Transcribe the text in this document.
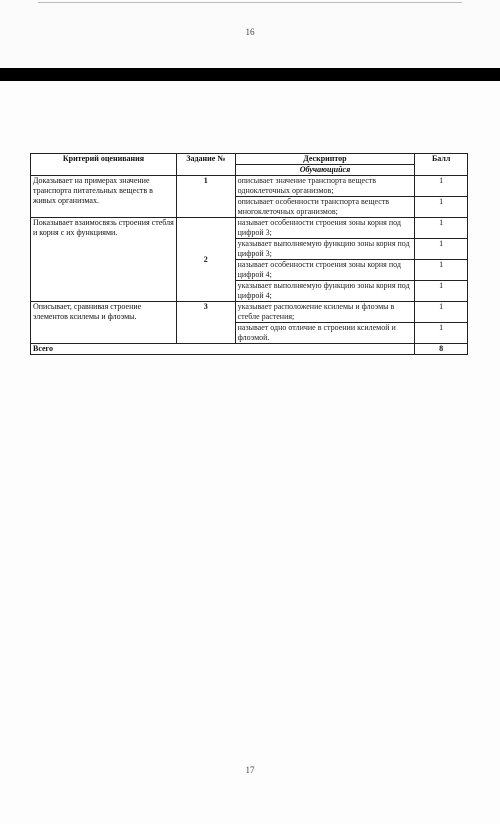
16
Критерий оценивания	Задание №	Дескриптор	Балл
		Обучающийся	
Доказывает на примерах значение транспорта питательных веществ в живых организмах.	1	описывает значение транспорта веществ одноклеточных организмов;	1
		описывает особенности транспорта веществ многоклеточных организмов;	1
Показывает взаимосвязь строения стебля и корня с их функциями.	2	называет особенности строения зоны корня под цифрой 3;	1
		указывает выполняемую функцию зоны корня под цифрой 3;	1
		называет особенности строения зоны корня под цифрой 4;	1
		указывает выполняемую функцию зоны корня под цифрой 4;	1
Описывает, сравнивая строение элементов ксилемы и флоэмы.	3	указывает расположение ксилемы и флоэмы в стебле растения;	1
		называет одно отличие в строении ксилемой и флоэмой.	1
Всего			8
17
